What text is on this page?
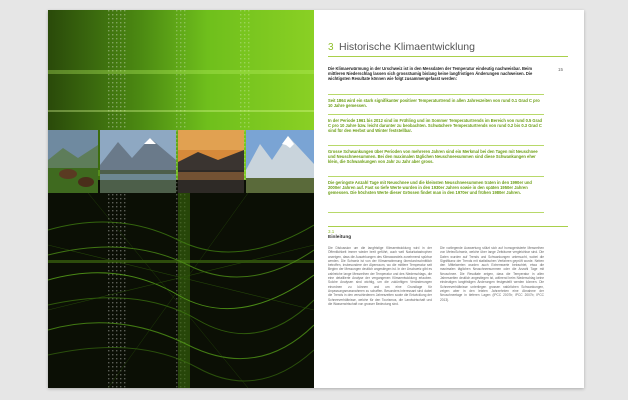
3 Historische Klimaentwicklung
15
Die Klimaerwärmung in der Urschweiz ist in den Messdaten der Temperatur eindeutig nachweisbar. Beim mittleren Niederschlag lassen sich grossräumig bislang keine langfristigen Änderungen nachweisen. Die wichtigsten Resultate können wie folgt zusammengefasst werden:
Seit 1864 wird ein stark signifikanter positiver Temperaturtrend in allen Jahreszeiten von rund 0.1 Grad C pro 10 Jahre gemessen.
In der Periode 1961 bis 2012 sind im Frühling und im Sommer Temperaturtrends im Bereich von rund 0.5 Grad C pro 10 Jahre bzw. leicht darunter zu beobachten. Schwächere Temperaturtrends von rund 0.2 bis 0.3 Grad C sind für den Herbst und Winter feststellbar.
Grosse Schwankungen über Perioden von mehreren Jahren sind ein Merkmal bei den Tagen mit Neuschnee und Neuschneesummen. Bei den maximalen täglichen Neuschneesummen sind diese Schwankungen eher klein, die Schwankungen von Jahr zu Jahr aber gross.
Die geringste Anzahl Tage mit Neuschnee und die kleinsten Neuschneesummen traten in den 1990er und 2000er Jahren auf. Fast so tiefe Werte wurden in den 1930er Jahren sowie in den späten 1950er Jahren gemessen. Die höchsten Werte dieser Grössen findet man in den 1970er und frühen 1980er Jahren.
3.1
Einleitung
Die Diskussion um die langfristige Klimaentwicklung wird in der Öffentlichkeit immer wieder breit geführt, auch weil Naturkatastrophen anzeigen, dass die Auswirkungen des Klimawandels zunehmend spürbar werden. Die Schweiz ist von der Klimaerwärmung überdurchschnittlich betroffen, insbesondere der Alpenraum, wo die mittlere Temperatur seit Beginn der Messungen deutlich angestiegen ist. In der Urschweiz gibt es zahlreiche lange Messreihen der Temperatur und des Niederschlags, die eine detaillierte Analyse der vergangenen Klimaentwicklung erlauben. Solche Analysen sind wichtig, um die zukünftigen Veränderungen einordnen zu können und um eine Grundlage für Anpassungsmassnahmen zu schaffen. Besonders interessant sind dabei die Trends in den verschiedenen Jahreszeiten sowie die Entwicklung der Schneeverhältnisse, welche für den Tourismus, die Landwirtschaft und die Wasserwirtschaft von grosser Bedeutung sind.
Die vorliegende Auswertung stützt sich auf homogenisierte Messreihen von MeteoSchweiz, welche über lange Zeiträume vergleichbar sind. Die Daten wurden auf Trends und Schwankungen untersucht, wobei die Signifikanz der Trends mit statistischen Verfahren geprüft wurde. Neben den Mittelwerten wurden auch Extremwerte betrachtet, etwa die maximalen täglichen Neuschneesummen oder die Anzahl Tage mit Neuschnee. Die Resultate zeigen, dass die Temperatur in allen Jahreszeiten deutlich angestiegen ist, während beim Niederschlag keine eindeutigen langfristigen Änderungen festgestellt werden können. Die Schneeverhältnisse unterliegen grossen natürlichen Schwankungen, zeigen aber in den letzten Jahrzehnten eine Abnahme der Neuschneetage in tieferen Lagen (IPCC 2007b; IPCC 2007b; IPCC 2013).
